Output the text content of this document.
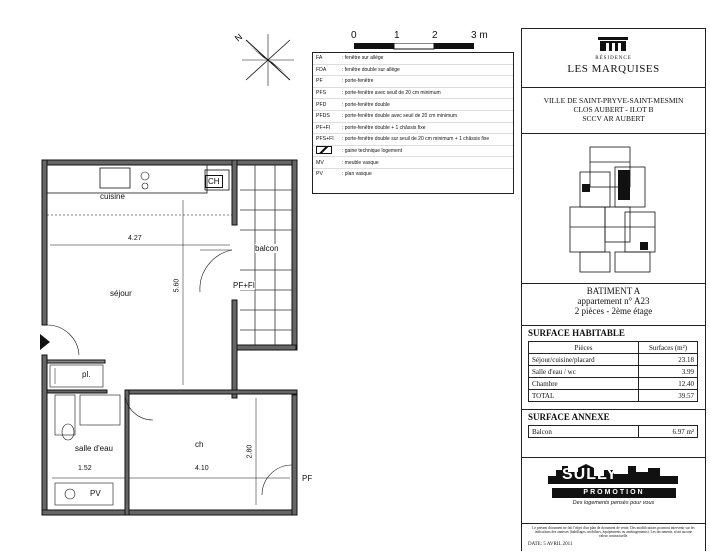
N
cuisine
CH
balcon
PF+FI
séjour
pl.
ch
salle d'eau
PV
PF
4.27
5.60
2.80
1.52	4.10
0	1	2	3 m
FA	: fenêtre sur allège
FDA	: fenêtre double sur allège
PF	: porte-fenêtre
PFS	: porte-fenêtre avec seuil de 20 cm minimum
PFD	: porte-fenêtre double
PFDS	: porte-fenêtre double avec seuil de 20 cm minimum
PF+FI	: porte-fenêtre double + 1 châssis fixe
PFS+FI	: porte-fenêtre double sur seuil de 20 cm minimum + 1 châssis fixe
: gaine technique logement
MV	: meuble vasque
PV	: plan vasque
RÉSIDENCE
LES MARQUISES
VILLE DE SAINT-PRYVE-SAINT-MESMIN
CLOS AUBERT - ILOT B
SCCV AR AUBERT
BATIMENT A
appartement n° A23
2 pièces - 2ème étage
SURFACE HABITABLE
Pièces	Surfaces (m²)
Séjour/cuisine/placard	23.18
Salle d'eau / wc	3.99
Chambre	12.40
TOTAL	39.57
SURFACE ANNEXE
Balcon	6.97 m²
SULLY
PROMOTION
Des logements pensés pour vous
Le présent document ne fait l'objet d'un plan de document de vente. Des modifications pourront intervenir sur les indications des annexes (habillages, mobiliers, équipements ou aménagements). Les documents, n'ont aucune valeur contractuelle.
DATE: 5 AVRIL 2011
